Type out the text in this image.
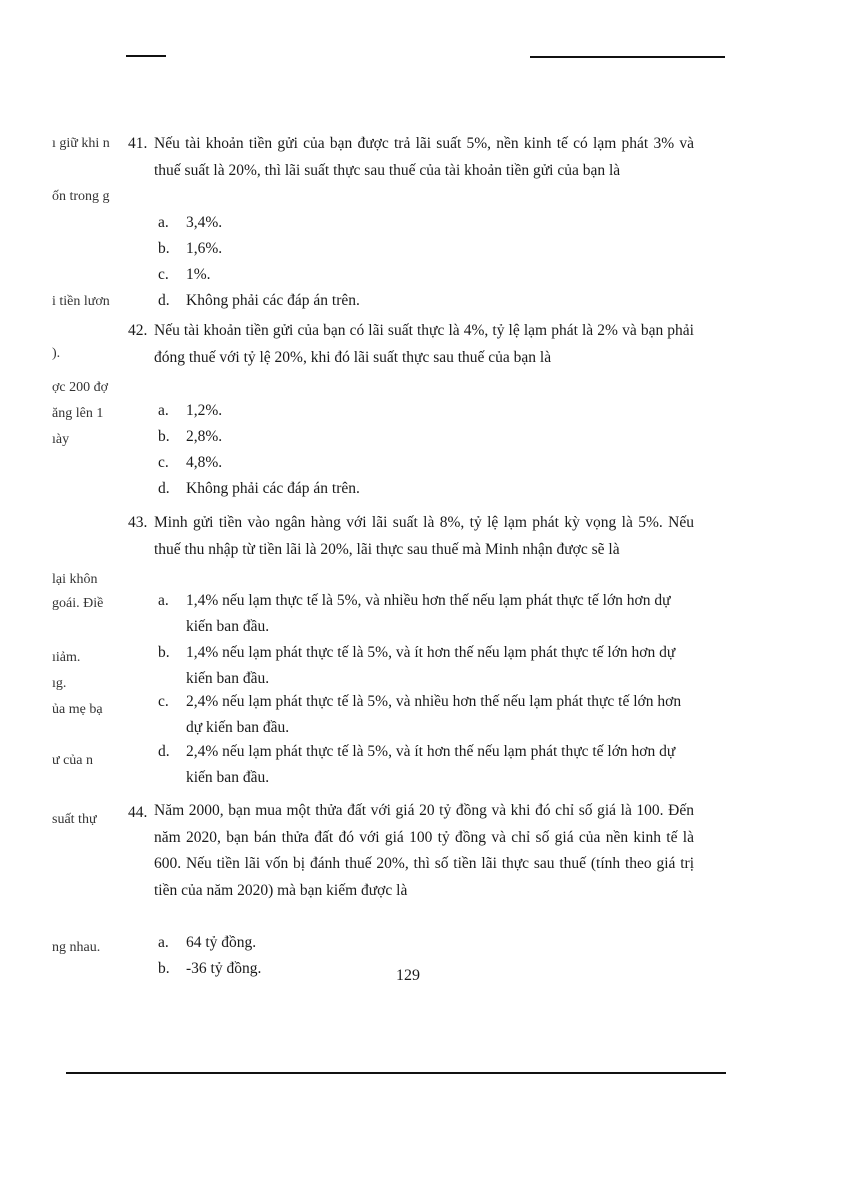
ı giữ khi n
ốn trong g
i tiền lươn
).
ợc 200 đợ
ăng lên 1
ıày
lại khôn
goái. Điề
ıiảm.
ıg.
ủa mẹ bạ
ư của n
suất thự
ng nhau.
41. Nếu tài khoản tiền gửi của bạn được trả lãi suất 5%, nền kinh tế có lạm phát 3% và thuế suất là 20%, thì lãi suất thực sau thuế của tài khoản tiền gửi của bạn là
a. 3,4%.
b. 1,6%.
c. 1%.
d. Không phải các đáp án trên.
42. Nếu tài khoản tiền gửi của bạn có lãi suất thực là 4%, tỷ lệ lạm phát là 2% và bạn phải đóng thuế với tỷ lệ 20%, khi đó lãi suất thực sau thuế của bạn là
a. 1,2%.
b. 2,8%.
c. 4,8%.
d. Không phải các đáp án trên.
43. Minh gửi tiền vào ngân hàng với lãi suất là 8%, tỷ lệ lạm phát kỳ vọng là 5%. Nếu thuế thu nhập từ tiền lãi là 20%, lãi thực sau thuế mà Minh nhận được sẽ là
a. 1,4% nếu lạm thực tế là 5%, và nhiều hơn thế nếu lạm phát thực tế lớn hơn dự kiến ban đầu.
b. 1,4% nếu lạm phát thực tế là 5%, và ít hơn thế nếu lạm phát thực tế lớn hơn dự kiến ban đầu.
c. 2,4% nếu lạm phát thực tế là 5%, và nhiều hơn thế nếu lạm phát thực tế lớn hơn dự kiến ban đầu.
d. 2,4% nếu lạm phát thực tế là 5%, và ít hơn thế nếu lạm phát thực tế lớn hơn dự kiến ban đầu.
44. Năm 2000, bạn mua một thửa đất với giá 20 tỷ đồng và khi đó chỉ số giá là 100. Đến năm 2020, bạn bán thửa đất đó với giá 100 tỷ đồng và chỉ số giá của nền kinh tế là 600. Nếu tiền lãi vốn bị đánh thuế 20%, thì số tiền lãi thực sau thuế (tính theo giá trị tiền của năm 2020) mà bạn kiếm được là
a. 64 tỷ đồng.
b. -36 tỷ đồng.	129
